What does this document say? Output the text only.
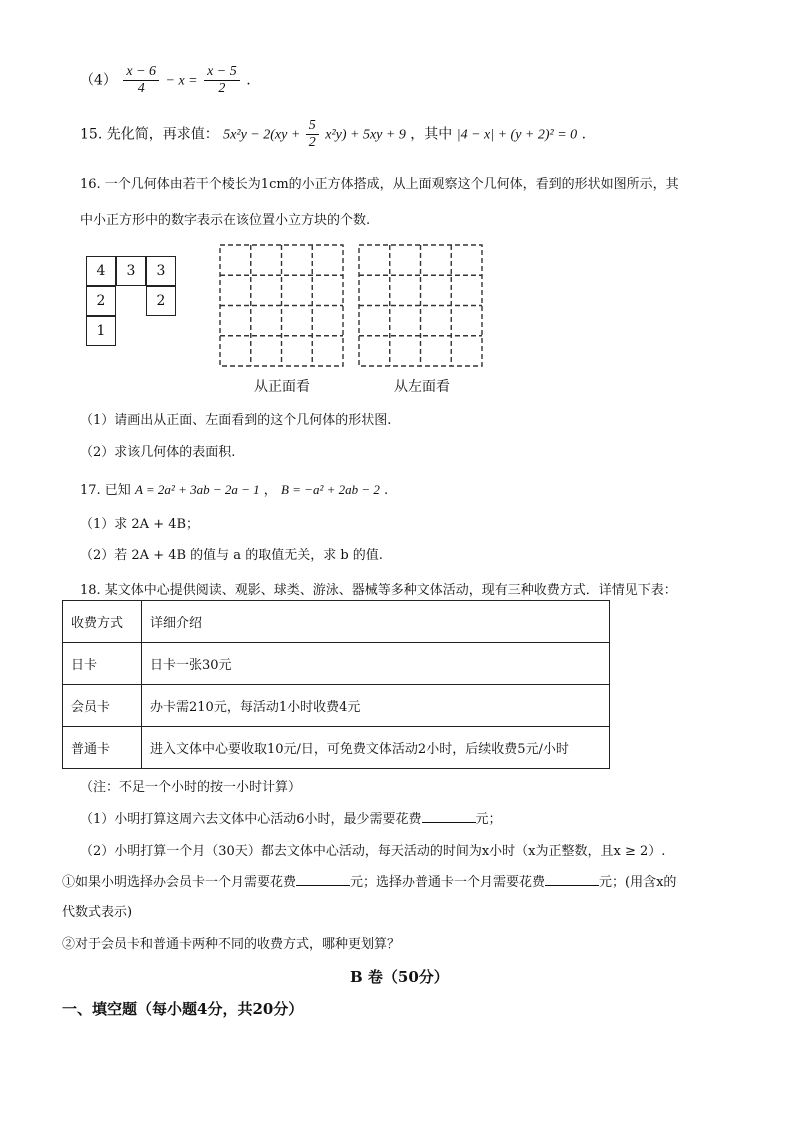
$(4) \frac{x - 6}{4} - x = \frac{x - 5}{2}$ .
15. 先化简，再求值： $5x^2y - 2(xy + \frac{5}{2} x^2y) + 5xy + 9$ ，其中 |4 − x| + (y + 2)² = 0 .
16. 一个几何体由若干个棱长为1cm的小正方体搭成，从上面观察这个几何体，看到的形状如图所示，其
中小正方形中的数字表示在该位置小立方块的个数.
4	3	3
2	2
1
从正面看	从左面看
（1）请画出从正面、左面看到的这个几何体的形状图.
（2）求该几何体的表面积.
17. 已知 A = 2a² + 3ab − 2a − 1 ， B = −a² + 2ab − 2 .
（1）求 2A + 4B；
（2）若 2A + 4B 的值与 a 的取值无关，求 b 的值.
18. 某文体中心提供阅读、观影、球类、游泳、器械等多种文体活动，现有三种收费方式．详情见下表：
收费方式	详细介绍
日卡	日卡一张30元
会员卡	办卡需210元，每活动1小时收费4元
普通卡	进入文体中心要收取10元/日，可免费文体活动2小时，后续收费5元/小时
（注：不足一个小时的按一小时计算）
（1）小明打算这周六去文体中心活动6小时，最少需要花费	元；
（2）小明打算一个月（30天）都去文体中心活动，每天活动的时间为x小时（x为正整数，且x ≥ 2）.
①如果小明选择办会员卡一个月需要花费	元；选择办普通卡一个月需要花费	元；(用含x的
代数式表示)
②对于会员卡和普通卡两种不同的收费方式，哪种更划算？
B 卷（50分）
一、填空题（每小题4分，共20分）
